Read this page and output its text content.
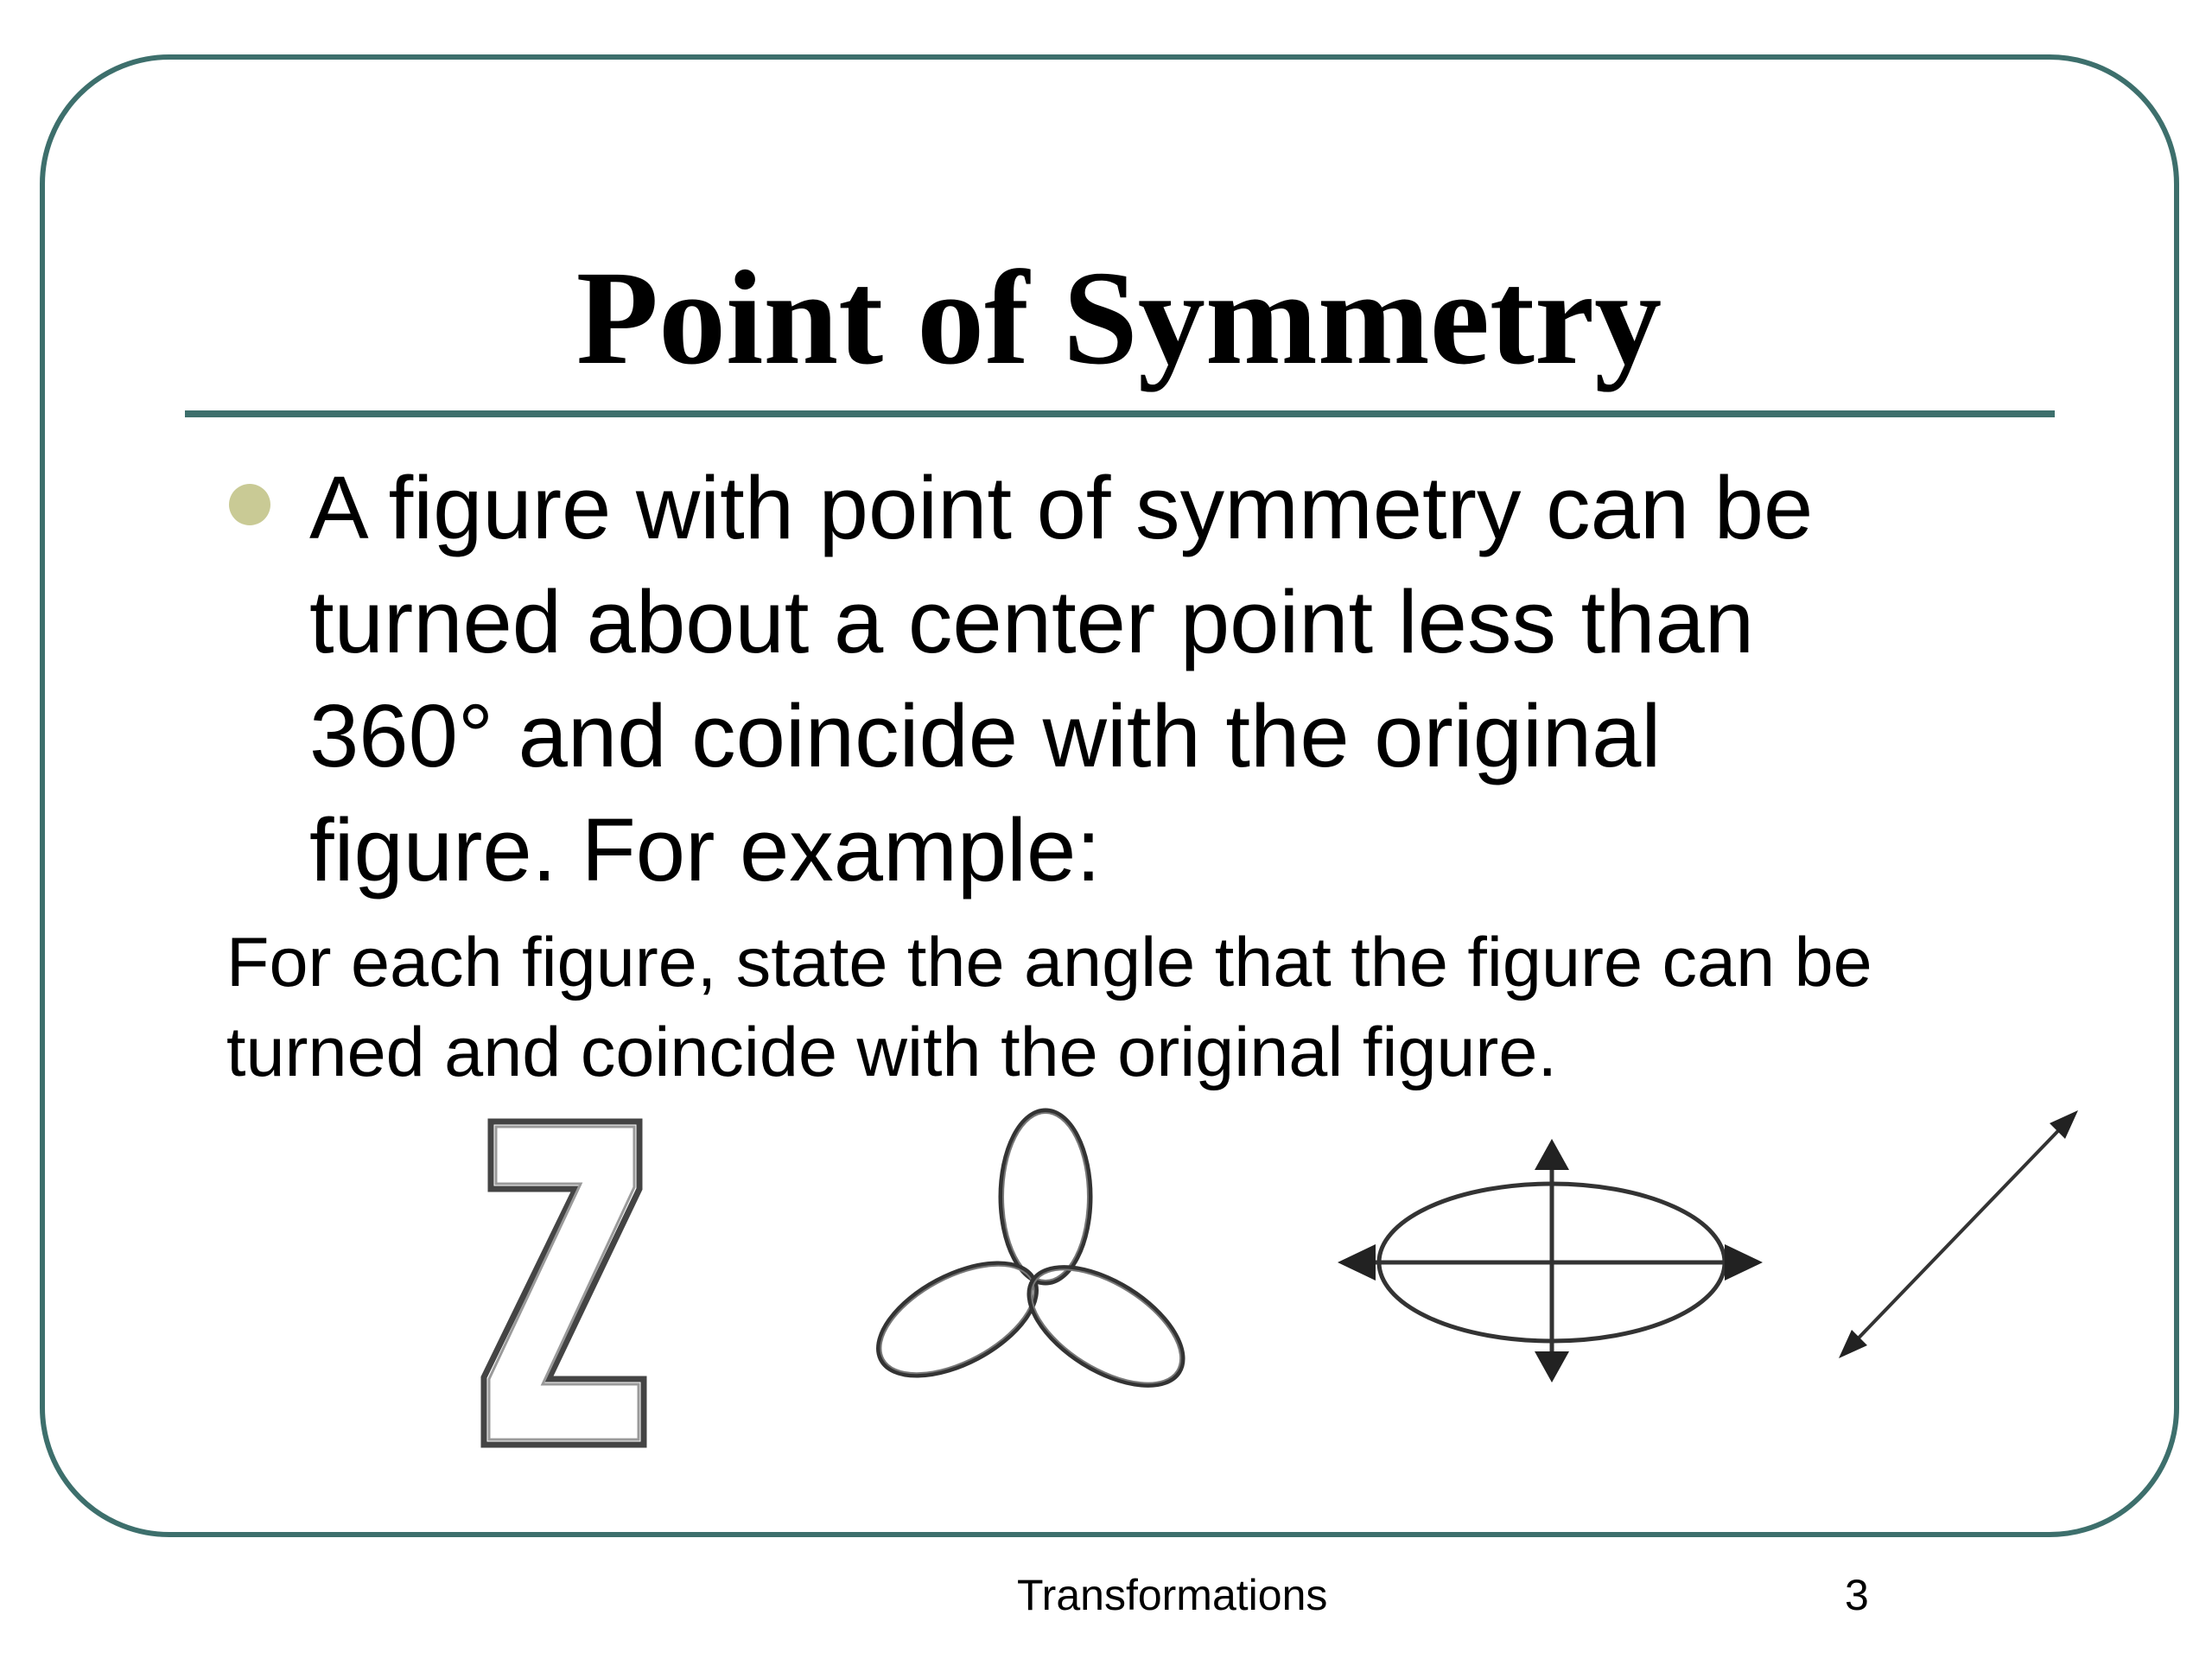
Point of Symmetry
A figure with point of symmetry can be
turned about a center point less than
360° and coincide with the original
figure. For example:
For each figure, state the angle that the figure can be
turned and coincide with the original figure.
Transformations	3
